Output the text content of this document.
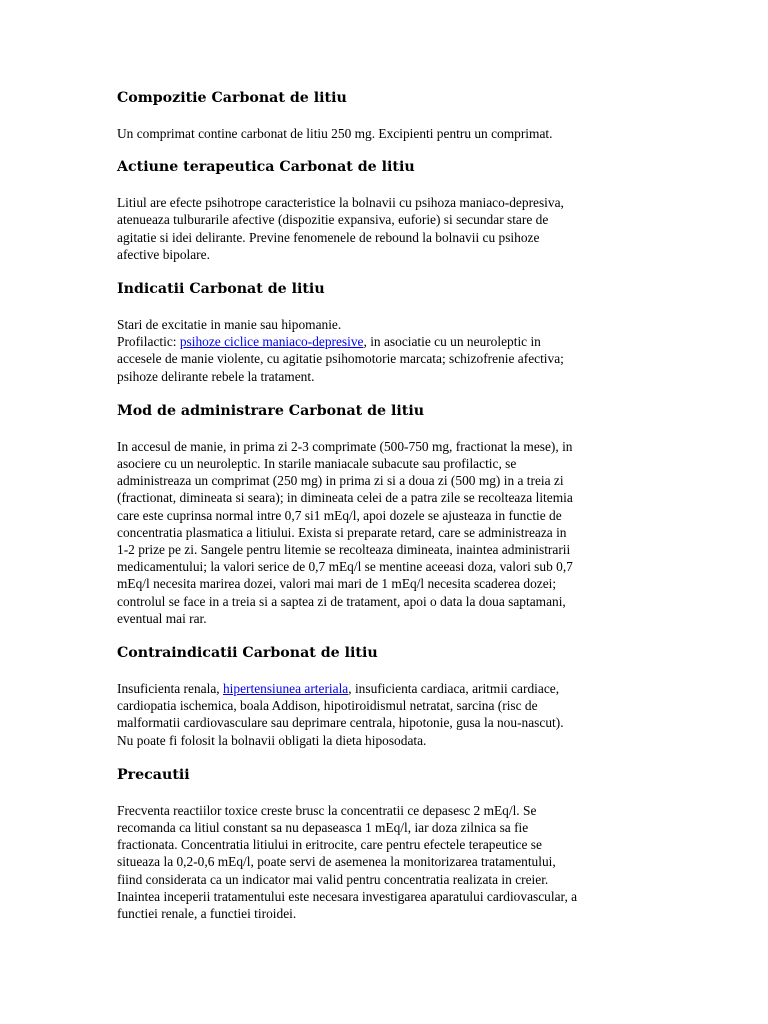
Compozitie Carbonat de litiu

Un comprimat contine carbonat de litiu 250 mg. Excipienti pentru un comprimat.

Actiune terapeutica Carbonat de litiu

Litiul are efecte psihotrope caracteristice la bolnavii cu psihoza maniaco-depresiva,
atenueaza tulburarile afective (dispozitie expansiva, euforie) si secundar stare de
agitatie si idei delirante. Previne fenomenele de rebound la bolnavii cu psihoze
afective bipolare.

Indicatii Carbonat de litiu

Stari de excitatie in manie sau hipomanie.
Profilactic: psihoze ciclice maniaco-depresive, in asociatie cu un neuroleptic in
accesele de manie violente, cu agitatie psihomotorie marcata; schizofrenie afectiva;
psihoze delirante rebele la tratament.

Mod de administrare Carbonat de litiu

In accesul de manie, in prima zi 2-3 comprimate (500-750 mg, fractionat la mese), in
asociere cu un neuroleptic. In starile maniacale subacute sau profilactic, se
administreaza un comprimat (250 mg) in prima zi si a doua zi (500 mg) in a treia zi
(fractionat, dimineata si seara); in dimineata celei de a patra zile se recolteaza litemia
care este cuprinsa normal intre 0,7 si1 mEq/l, apoi dozele se ajusteaza in functie de
concentratia plasmatica a litiului. Exista si preparate retard, care se administreaza in
1-2 prize pe zi. Sangele pentru litemie se recolteaza dimineata, inaintea administrarii
medicamentului; la valori serice de 0,7 mEq/l se mentine aceeasi doza, valori sub 0,7
mEq/l necesita marirea dozei, valori mai mari de 1 mEq/l necesita scaderea dozei;
controlul se face in a treia si a saptea zi de tratament, apoi o data la doua saptamani,
eventual mai rar.

Contraindicatii Carbonat de litiu

Insuficienta renala, hipertensiunea arteriala, insuficienta cardiaca, aritmii cardiace,
cardiopatia ischemica, boala Addison, hipotiroidismul netratat, sarcina (risc de
malformatii cardiovasculare sau deprimare centrala, hipotonie, gusa la nou-nascut).
Nu poate fi folosit la bolnavii obligati la dieta hiposodata.

Precautii

Frecventa reactiilor toxice creste brusc la concentratii ce depasesc 2 mEq/l. Se
recomanda ca litiul constant sa nu depaseasca 1 mEq/l, iar doza zilnica sa fie
fractionata. Concentratia litiului in eritrocite, care pentru efectele terapeutice se
situeaza la 0,2-0,6 mEq/l, poate servi de asemenea la monitorizarea tratamentului,
fiind considerata ca un indicator mai valid pentru concentratia realizata in creier.
Inaintea inceperii tratamentului este necesara investigarea aparatului cardiovascular, a
functiei renale, a functiei tiroidei.
